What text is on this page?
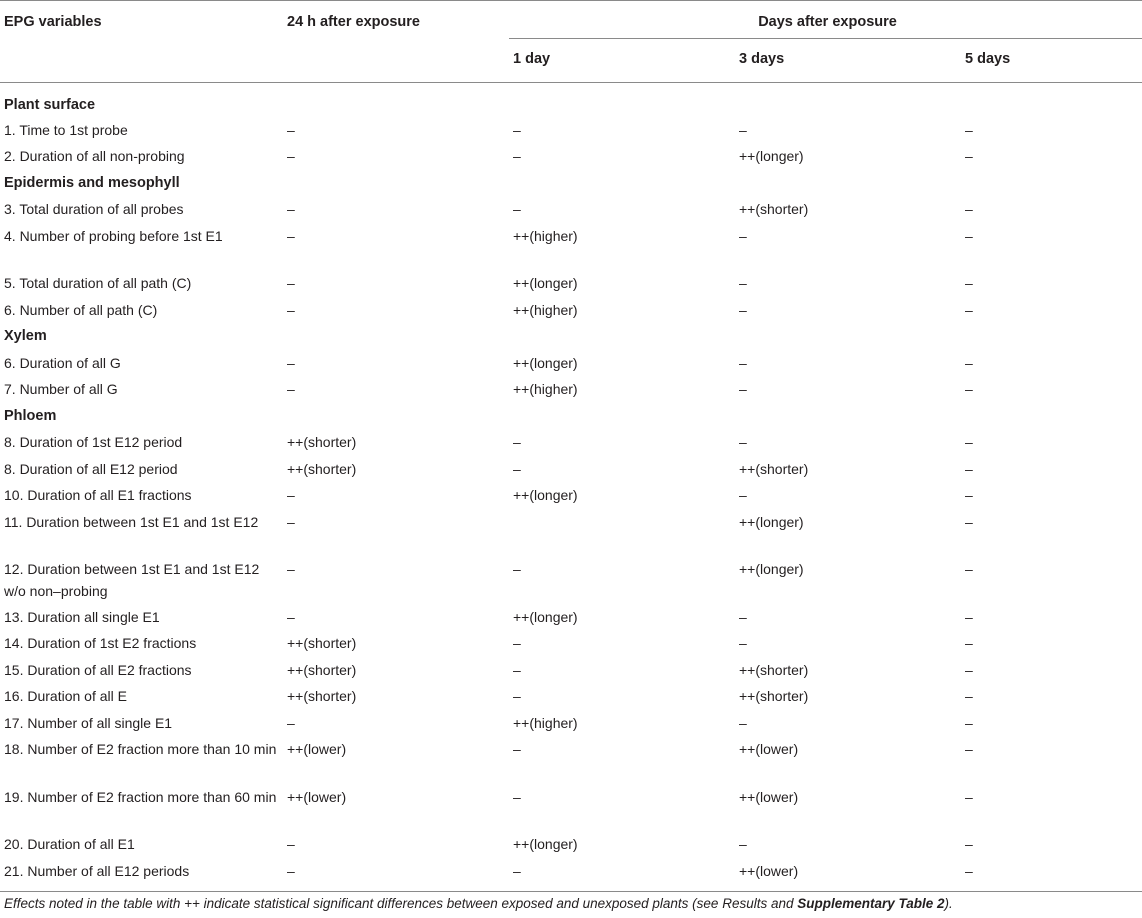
EPG variables	24 h after exposure	Days after exposure		
		1 day	3 days	5 days
Plant surface				
1. Time to 1st probe	–	–	–	–
2. Duration of all non-probing	–	–	++(longer)	–
Epidermis and mesophyll				
3. Total duration of all probes	–	–	++(shorter)	–
4. Number of probing before 1st E1	–	++(higher)	–	–
5. Total duration of all path (C)	–	++(longer)	–	–
6. Number of all path (C)	–	++(higher)	–	–
Xylem				
6. Duration of all G	–	++(longer)	–	–
7. Number of all G	–	++(higher)	–	–
Phloem				
8. Duration of 1st E12 period	++(shorter)	–	–	–
8. Duration of all E12 period	++(shorter)	–	++(shorter)	–
10. Duration of all E1 fractions	–	++(longer)	–	–
11. Duration between 1st E1 and 1st E12	–		++(longer)	–
12. Duration between 1st E1 and 1st E12 w/o non–probing	–	–	++(longer)	–
13. Duration all single E1	–	++(longer)	–	–
14. Duration of 1st E2 fractions	++(shorter)	–	–	–
15. Duration of all E2 fractions	++(shorter)	–	++(shorter)	–
16. Duration of all E	++(shorter)	–	++(shorter)	–
17. Number of all single E1	–	++(higher)	–	–
18. Number of E2 fraction more than 10 min	++(lower)	–	++(lower)	–
19. Number of E2 fraction more than 60 min	++(lower)	–	++(lower)	–
20. Duration of all E1	–	++(longer)	–	–
21. Number of all E12 periods	–	–	++(lower)	–
Effects noted in the table with ++ indicate statistical significant differences between exposed and unexposed plants (see Results and Supplementary Table 2).
